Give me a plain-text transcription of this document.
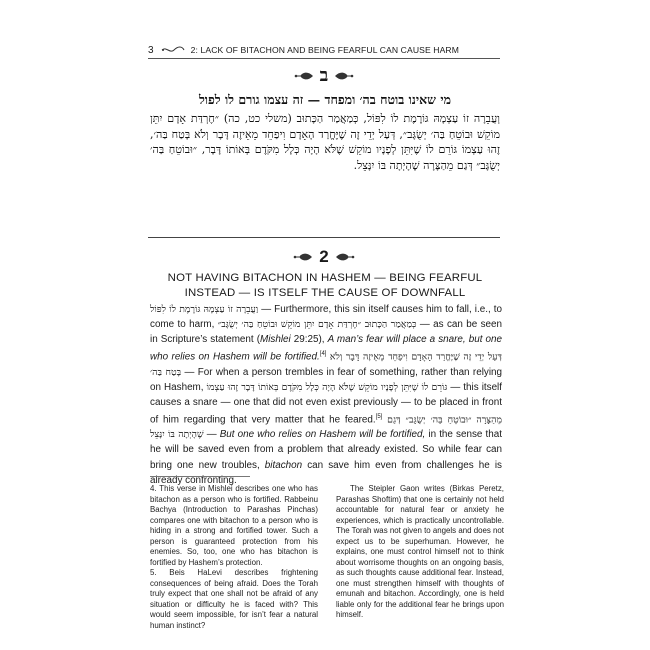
3	2: LACK OF BITACHON AND BEING FEARFUL CAN CAUSE HARM
ב
מי שאינו בוטח בה׳ ומפחד — זה עצמו גורם לו לפול
וְעֲבֵרָה זוֹ עַצְמָהּ גּוֹרֶמֶת לוֹ לִפּוֹל, כְּמַאֲמַר הַכָּתוּב (משלי כט, כה) ״חֶרְדַּת אָדָם יִתֵּן מוֹקֵשׁ וּבוֹטֵחַ בַּה׳ יְשֻׂגָּב״, דְּעַל יְדֵי זֶה שֶׁיֶּחֱרַד הָאָדָם וִיפַחֵד מֵאֵיזֶה דָּבָר וְלֹא בָּטַח בַּה׳, זֶהוּ עַצְמוֹ גּוֹרֵם לוֹ שֶׁיִּתֵּן לְפָנָיו מוֹקֵשׁ שֶׁלֹּא הָיָה כְּלָל מִקֹּדֶם בְּאוֹתוֹ דָּבָר, ״וּבוֹטֵחַ בַּה׳ יְשֻׂגָּב״ דְּגַם מֵהַצָּרָה שֶׁהָיְתָה בּוֹ יִנָּצֵל.
2
NOT HAVING BITACHON IN HASHEM — BEING FEARFUL
INSTEAD — IS ITSELF THE CAUSE OF DOWNFALL

וַעֲבֵרָה זוֹ עַצְמָהּ גּוֹרֶמֶת לוֹ לִפּוֹל — Furthermore, this sin itself causes him to fall, i.e., to come to harm, כְּמַאֲמַר הַכָּתוּב ״חֶרְדַּת אָדָם יִתֵּן מוֹקֵשׁ וּבוֹטֵחַ בַּה׳ יְשֻׂגָּב״ — as can be seen in Scripture’s statement (Mishlei 29:25), A man’s fear will place a snare, but one who relies on Hashem will be fortified.[4] דְּעַל יְדֵי זֶה שֶׁיֶּחֱרַד הָאָדָם וִיפַחֵד מֵאֵיזֶה דָּבָר וְלֹא בָּטַח בַּה׳ — For when a person trembles in fear of something, rather than relying on Hashem, זֶהוּ עַצְמוֹ גּוֹרֵם לוֹ שֶׁיִּתֵּן לְפָנָיו מוֹקֵשׁ שֶׁלֹּא הָיָה כְּלָל מִקֹּדֶם בְּאוֹתוֹ דָּבָר — this itself causes a snare — one that did not even exist previously — to be placed in front of him regarding that very matter that he feared.[5] ״וּבוֹטֵחַ בַּה׳ יְשֻׂגָּב״ דְּגַם מֵהַצָּרָה שֶׁהָיְתָה בּוֹ יִנָּצֵל — But one who relies on Hashem will be fortified, in the sense that he will be saved even from a problem that already existed. So while fear can bring one new troubles, bitachon can save him even from challenges he is already confronting.

4. This verse in Mishlei describes one who has bitachon as a person who is fortified. Rabbeinu Bachya (Introduction to Parashas Pinchas) compares one with bitachon to a person who is hiding in a strong and fortified tower. Such a person is guaranteed protection from his enemies. So, too, one who has bitachon is fortified by Hashem’s protection.

5. Beis HaLevi describes frightening consequences of being afraid. Does the Torah truly expect that one shall not be afraid of any situation or difficulty he is faced with? This would seem impossible, for isn’t fear a natural human instinct?

The Steipler Gaon writes (Birkas Peretz, Parashas Shoftim) that one is certainly not held accountable for natural fear or anxiety he experiences, which is practically uncontrollable. The Torah was not given to angels and does not expect us to be superhuman. However, he explains, one must control himself not to think about worrisome thoughts on an ongoing basis, as such thoughts cause additional fear. Instead, one must strengthen himself with thoughts of emunah and bitachon. Accordingly, one is held liable only for the additional fear he brings upon himself.
